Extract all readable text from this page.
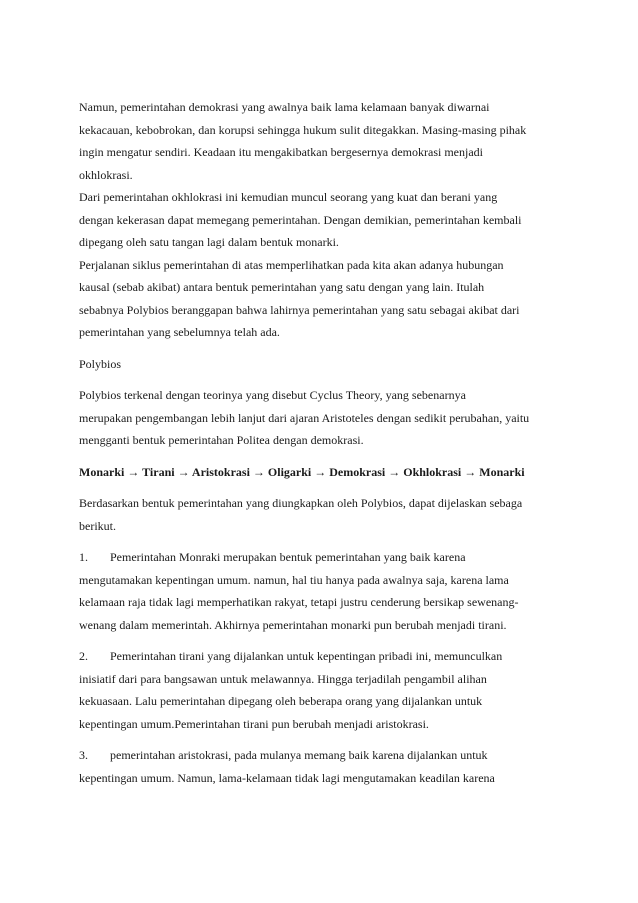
Namun, pemerintahan demokrasi yang awalnya baik lama kelamaan banyak diwarnai
kekacauan, kebobrokan, dan korupsi sehingga hukum sulit ditegakkan. Masing-masing pihak
ingin mengatur sendiri. Keadaan itu mengakibatkan bergesernya demokrasi menjadi
okhlokrasi.
Dari pemerintahan okhlokrasi ini kemudian muncul seorang yang kuat dan berani yang
dengan kekerasan dapat memegang pemerintahan. Dengan demikian, pemerintahan kembali
dipegang oleh satu tangan lagi dalam bentuk monarki.
Perjalanan siklus pemerintahan di atas memperlihatkan pada kita akan adanya hubungan
kausal (sebab akibat) antara bentuk pemerintahan yang satu dengan yang lain. Itulah
sebabnya Polybios beranggapan bahwa lahirnya pemerintahan yang satu sebagai akibat dari
pemerintahan yang sebelumnya telah ada.
Polybios
Polybios terkenal dengan teorinya yang disebut Cyclus Theory, yang sebenarnya
merupakan pengembangan lebih lanjut dari ajaran Aristoteles dengan sedikit perubahan, yaitu
mengganti bentuk pemerintahan Politea dengan demokrasi.
Monarki → Tirani → Aristokrasi → Oligarki → Demokrasi → Okhlokrasi → Monarki
Berdasarkan bentuk pemerintahan yang diungkapkan oleh Polybios, dapat dijelaskan sebaga
berikut.
1. Pemerintahan Monraki merupakan bentuk pemerintahan yang baik karena
mengutamakan kepentingan umum. namun, hal tiu hanya pada awalnya saja, karena lama
kelamaan raja tidak lagi memperhatikan rakyat, tetapi justru cenderung bersikap sewenang-
wenang dalam memerintah. Akhirnya pemerintahan monarki pun berubah menjadi tirani.
2. Pemerintahan tirani yang dijalankan untuk kepentingan pribadi ini, memunculkan
inisiatif dari para bangsawan untuk melawannya. Hingga terjadilah pengambil alihan
kekuasaan. Lalu pemerintahan dipegang oleh beberapa orang yang dijalankan untuk
kepentingan umum.Pemerintahan tirani pun berubah menjadi aristokrasi.
3. pemerintahan aristokrasi, pada mulanya memang baik karena dijalankan untuk
kepentingan umum. Namun, lama-kelamaan tidak lagi mengutamakan keadilan karena
